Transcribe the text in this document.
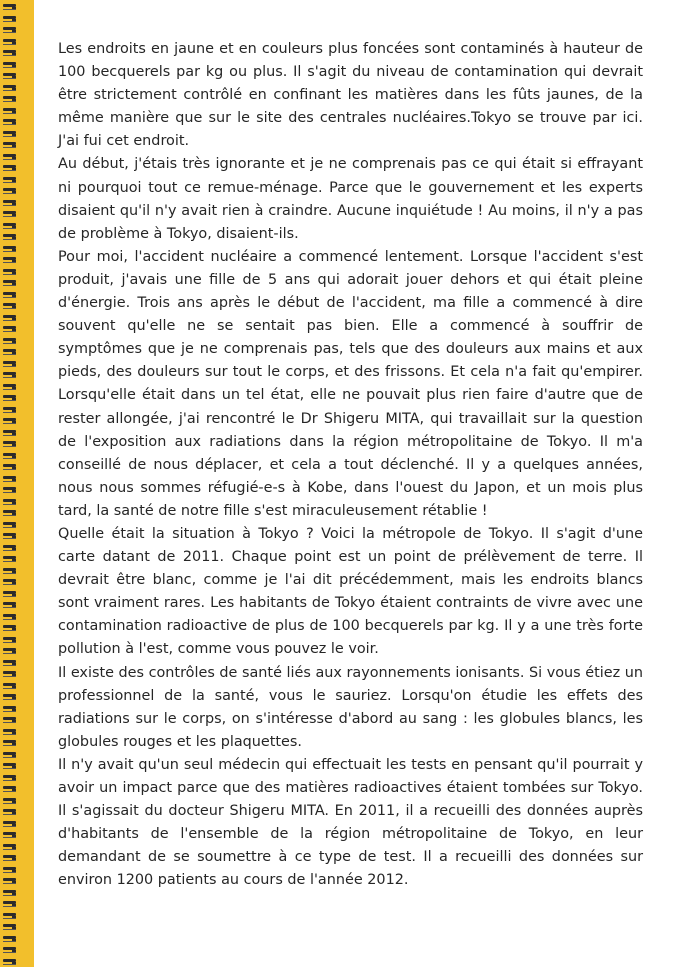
Les endroits en jaune et en couleurs plus foncées sont contaminés à hauteur de 100 becquerels par kg ou plus. Il s'agit du niveau de contamination qui devrait être strictement contrôlé en confinant les matières dans les fûts jaunes, de la même manière que sur le site des centrales nucléaires.Tokyo se trouve par ici. J'ai fui cet endroit.

Au début, j'étais très ignorante et je ne comprenais pas ce qui était si effrayant ni pourquoi tout ce remue-ménage. Parce que le gouvernement et les experts disaient qu'il n'y avait rien à craindre. Aucune inquiétude ! Au moins, il n'y a pas de problème à Tokyo, disaient-ils.

Pour moi, l'accident nucléaire a commencé lentement. Lorsque l'accident s'est produit, j'avais une fille de 5 ans qui adorait jouer dehors et qui était pleine d'énergie. Trois ans après le début de l'accident, ma fille a commencé à dire souvent qu'elle ne se sentait pas bien. Elle a commencé à souffrir de symptômes que je ne comprenais pas, tels que des douleurs aux mains et aux pieds, des douleurs sur tout le corps, et des frissons. Et cela n'a fait qu'empirer. Lorsqu'elle était dans un tel état, elle ne pouvait plus rien faire d'autre que de rester allongée, j'ai rencontré le Dr Shigeru MITA, qui travaillait sur la question de l'exposition aux radiations dans la région métropolitaine de Tokyo. Il m'a conseillé de nous déplacer, et cela a tout déclenché. Il y a quelques années, nous nous sommes réfugié-e-s à Kobe, dans l'ouest du Japon, et un mois plus tard, la santé de notre fille s'est miraculeusement rétablie !

Quelle était la situation à Tokyo ? Voici la métropole de Tokyo. Il s'agit d'une carte datant de 2011. Chaque point est un point de prélèvement de terre. Il devrait être blanc, comme je l'ai dit précédemment, mais les endroits blancs sont vraiment rares. Les habitants de Tokyo étaient contraints de vivre avec une contamination radioactive de plus de 100 becquerels par kg. Il y a une très forte pollution à l'est, comme vous pouvez le voir.

Il existe des contrôles de santé liés aux rayonnements ionisants. Si vous étiez un professionnel de la santé, vous le sauriez. Lorsqu'on étudie les effets des radiations sur le corps, on s'intéresse d'abord au sang : les globules blancs, les globules rouges et les plaquettes.

Il n'y avait qu'un seul médecin qui effectuait les tests en pensant qu'il pourrait y avoir un impact parce que des matières radioactives étaient tombées sur Tokyo. Il s'agissait du docteur Shigeru MITA. En 2011, il a recueilli des données auprès d'habitants de l'ensemble de la région métropolitaine de Tokyo, en leur demandant de se soumettre à ce type de test. Il a recueilli des données sur environ 1200 patients au cours de l'année 2012.
